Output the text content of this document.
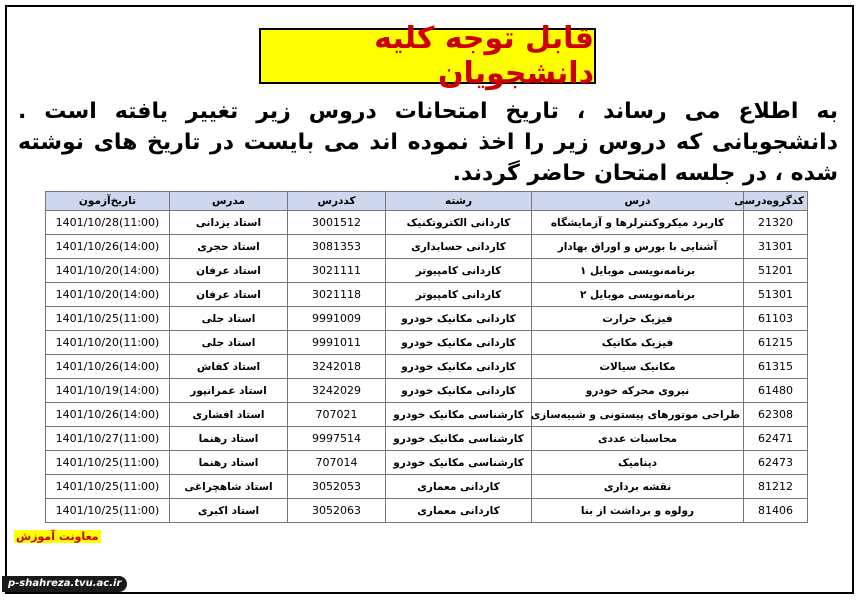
قابل توجه کلیه دانشجویان
به اطلاع می رساند ، تاریخ امتحانات دروس زیر تغییر یافته است . دانشجویانی که دروس زیر را اخذ نموده اند می بایست در تاریخ های نوشته شده ، در جلسه امتحان حاضر گردند.
کدگروه‌درسی	درس	رشته	کددرس	مدرس	تاریخ‌آزمون
21320	کاربرد میکروکنترلرها و آزمایشگاه	کاردانی الکتروتکنیک	3001512	استاد یزدانی	1401/10/28(11:00)
31301	آشنایی با بورس و اوراق بهادار	کاردانی حسابداری	3081353	استاد حجری	1401/10/26(14:00)
51201	برنامه‌نویسی موبایل ۱	کاردانی کامپیوتر	3021111	استاد عرفان	1401/10/20(14:00)
51301	برنامه‌نویسی موبایل ۲	کاردانی کامپیوتر	3021118	استاد عرفان	1401/10/20(14:00)
61103	فیزیک حرارت	کاردانی مکانیک خودرو	9991009	استاد جلی	1401/10/25(11:00)
61215	فیزیک مکانیک	کاردانی مکانیک خودرو	9991011	استاد جلی	1401/10/20(11:00)
61315	مکانیک سیالات	کاردانی مکانیک خودرو	3242018	استاد کفاش	1401/10/26(14:00)
61480	نیروی محرکه خودرو	کاردانی مکانیک خودرو	3242029	استاد عمرانپور	1401/10/19(14:00)
62308	طراحی موتورهای پیستونی و شبیه‌سازی	کارشناسی مکانیک خودرو	707021	استاد افشاری	1401/10/26(14:00)
62471	محاسبات عددی	کارشناسی مکانیک خودرو	9997514	استاد رهنما	1401/10/27(11:00)
62473	دینامیک	کارشناسی مکانیک خودرو	707014	استاد رهنما	1401/10/25(11:00)
81212	نقشه برداری	کاردانی معماری	3052053	استاد شاهچراغی	1401/10/25(11:00)
81406	رولوه و برداشت از بنا	کاردانی معماری	3052063	استاد اکبری	1401/10/25(11:00)
معاونت آموزش
p-shahreza.tvu.ac.ir
